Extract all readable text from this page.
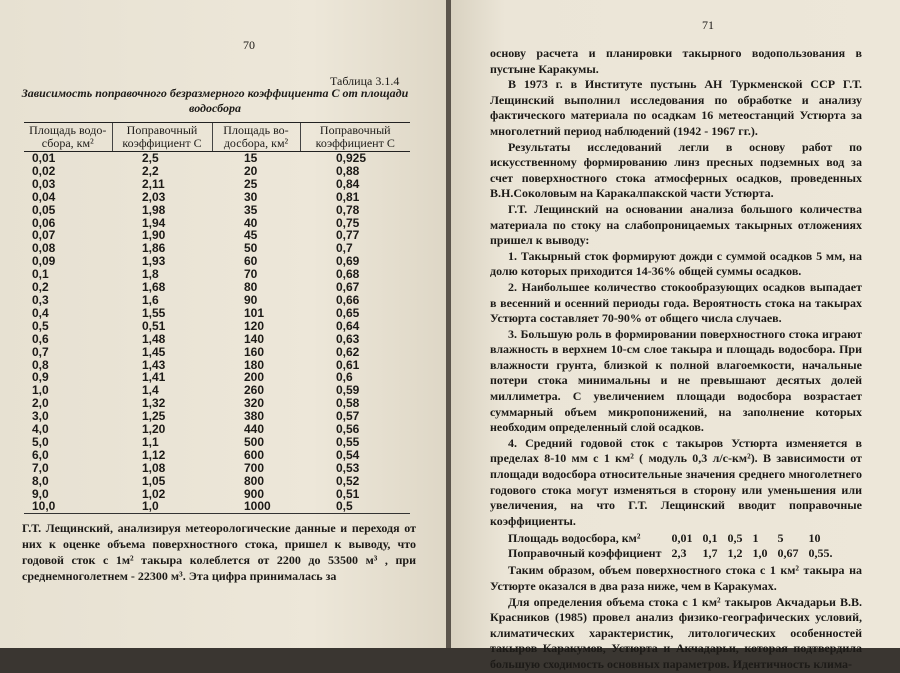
70
Таблица 3.1.4
Зависимость поправочного безразмерного коэффициента С от площади водосбора
Площадь водо-сбора, км²	Поправочный коэффициент С	Площадь во-досбора, км²	Поправочный коэффициент С
0,01	2,5	15	0,925
0,02	2,2	20	0,88
0,03	2,11	25	0,84
0,04	2,03	30	0,81
0,05	1,98	35	0,78
0,06	1,94	40	0,75
0,07	1,90	45	0,77
0,08	1,86	50	0,7
0,09	1,93	60	0,69
0,1	1,8	70	0,68
0,2	1,68	80	0,67
0,3	1,6	90	0,66
0,4	1,55	101	0,65
0,5	0,51	120	0,64
0,6	1,48	140	0,63
0,7	1,45	160	0,62
0,8	1,43	180	0,61
0,9	1,41	200	0,6
1,0	1,4	260	0,59
2,0	1,32	320	0,58
3,0	1,25	380	0,57
4,0	1,20	440	0,56
5,0	1,1	500	0,55
6,0	1,12	600	0,54
7,0	1,08	700	0,53
8,0	1,05	800	0,52
9,0	1,02	900	0,51
10,0	1,0	1000	0,5
Г.Т. Лещинский, анализируя метеорологические данные и переходя от них к оценке объема поверхностного стока, пришел к выводу, что годовой сток с 1м² такыра колеблется от 2200 до 53500 м³ , при среднемноголетнем - 22300 м³. Эта цифра принималась за
71

основу расчета и планировки такырного водопользования в пустыне Каракумы.

В 1973 г. в Институте пустынь АН Туркменской ССР Г.Т. Лещинский выполнил исследования по обработке и анализу фактического материала по осадкам 16 метеостанций Устюрта за многолетний период наблюдений (1942 - 1967 гг.).

Результаты исследований легли в основу работ по искусственному формированию линз пресных подземных вод за счет поверхностного стока атмосферных осадков, проведенных В.Н.Соколовым на Каракалпакской части Устюрта.

Г.Т. Лещинский на основании анализа большого количества материала по стоку на слабопроницаемых такырных отложениях пришел к выводу:

1. Такырный сток формируют дожди с суммой осадков 5 мм, на долю которых приходится 14-36% общей суммы осадков.

2. Наибольшее количество стокообразующих осадков выпадает в весенний и осенний периоды года. Вероятность стока на такырах Устюрта составляет 70-90% от общего числа случаев.

3. Большую роль в формировании поверхностного стока играют влажность в верхнем 10-см слое такыра и площадь водосбора. При влажности грунта, близкой к полной влагоемкости, начальные потери стока минимальны и не превышают десятых долей миллиметра. С увеличением площади водосбора возрастает суммарный объем микропонижений, на заполнение которых необходим определенный слой осадков.

4. Средний годовой сток с такыров Устюрта изменяется в пределах 8-10 мм с 1 км² ( модуль 0,3 л/с-км²). В зависимости от площади водосбора относительные значения среднего многолетнего годового стока могут изменяться в сторону или уменьшения или увеличения, на что Г.Т. Лещинский вводит поправочные коэффициенты.

Площадь водосбора, км²	0,01	0,1	0,5	1	5	10
Поправочный коэффициент	2,3	1,7	1,2	1,0	0,67	0,55.

Таким образом, объем поверхностного стока с 1 км² такыра на Устюрте оказался в два раза ниже, чем в Каракумах.

Для определения объема стока с 1 км² такыров Акчадарьи В.В. Красников (1985) провел анализ физико-географических условий, климатических характеристик, литологических особенностей такыров Каракумов, Устюрта и Акчадарьи, которая подтвердила большую сходимость основных параметров. Идентичность клима-
